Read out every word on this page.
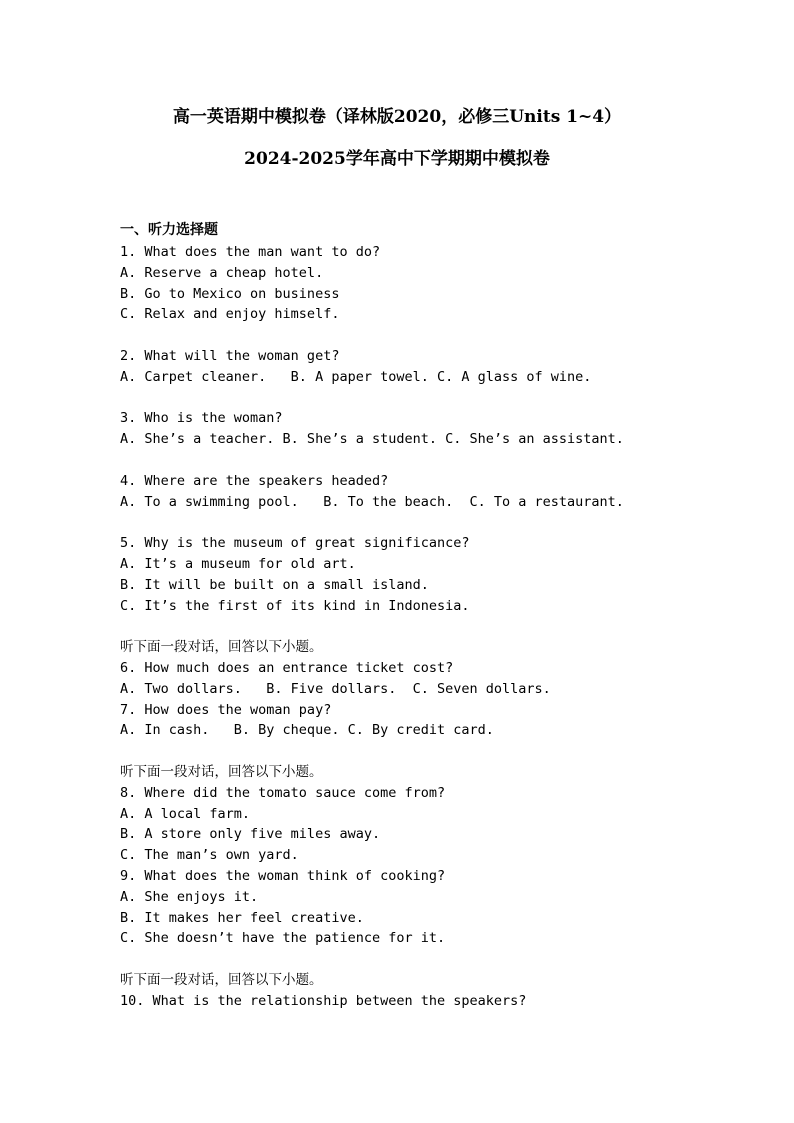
高一英语期中模拟卷（译林版2020，必修三Units 1~4）
2024-2025学年高中下学期期中模拟卷
一、听力选择题
1. What does the man want to do?
A. Reserve a cheap hotel.
B. Go to Mexico on business
C. Relax and enjoy himself.
2. What will the woman get?
A. Carpet cleaner.   B. A paper towel. C. A glass of wine.
3. Who is the woman?
A. She’s a teacher. B. She’s a student. C. She’s an assistant.
4. Where are the speakers headed?
A. To a swimming pool.   B. To the beach.  C. To a restaurant.
5. Why is the museum of great significance?
A. It’s a museum for old art.
B. It will be built on a small island.
C. It’s the first of its kind in Indonesia.
听下面一段对话，回答以下小题。
6. How much does an entrance ticket cost?
A. Two dollars.   B. Five dollars.  C. Seven dollars.
7. How does the woman pay?
A. In cash.   B. By cheque. C. By credit card.
听下面一段对话，回答以下小题。
8. Where did the tomato sauce come from?
A. A local farm.
B. A store only five miles away.
C. The man’s own yard.
9. What does the woman think of cooking?
A. She enjoys it.
B. It makes her feel creative.
C. She doesn’t have the patience for it.
听下面一段对话，回答以下小题。
10. What is the relationship between the speakers?
